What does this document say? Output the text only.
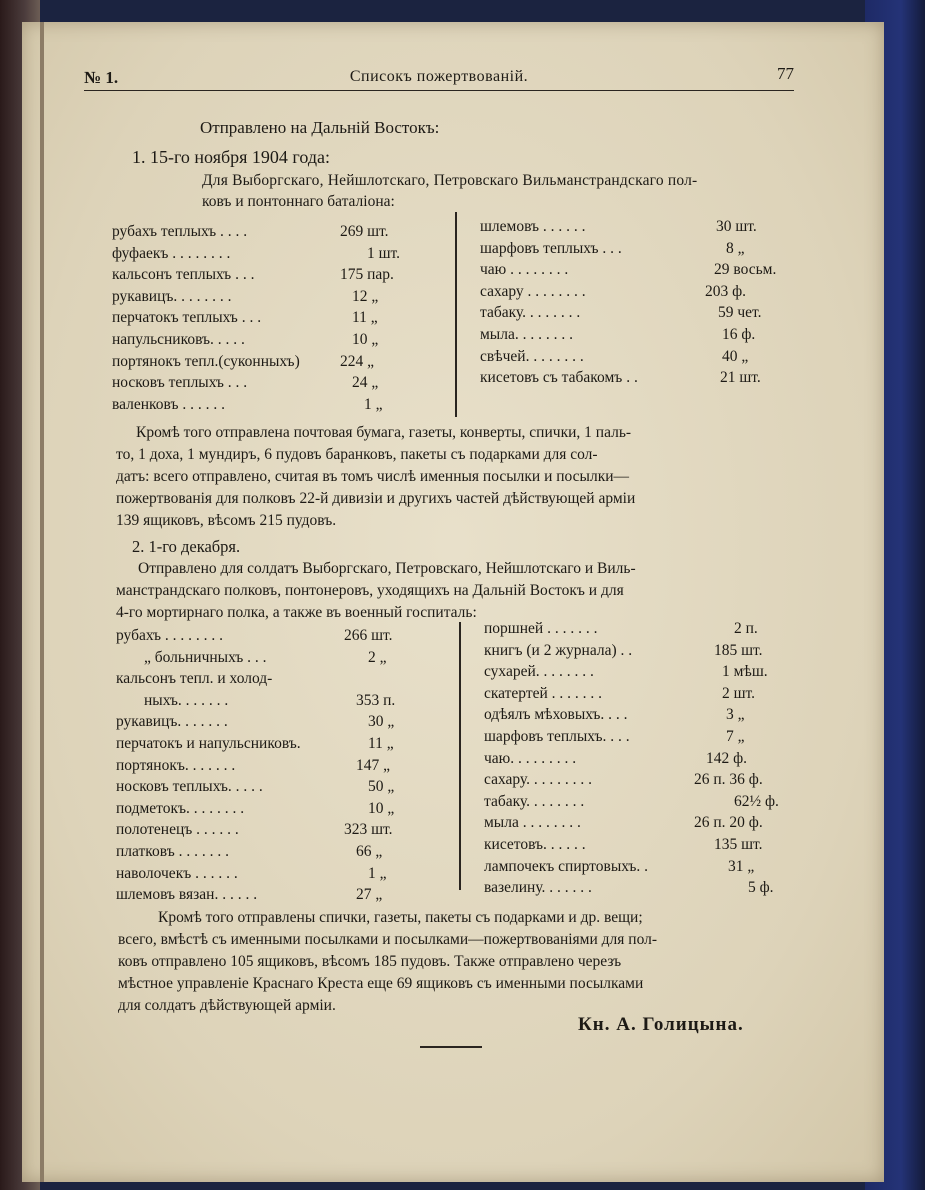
№ 1.	Списокъ пожертвованiй.	77
Отправлено на Дальнiй Востокъ:
1. 15-го ноября 1904 года:
Для Выборгскаго, Нейшлотскаго, Петровскаго Вильманстрандскаго пол-
ковъ и понтоннаго баталiона:
рубахъ теплыхъ . . . .	269 шт.
фуфаекъ . . . . . . . .	1 шт.
кальсонъ теплыхъ . . .	175 пар.
рукавицъ. . . . . . . .	12 „
перчатокъ теплыхъ . . .	11 „
напульсниковъ. . . . .	10 „
портянокъ тепл.(суконныхъ)	224 „
носковъ теплыхъ . . .	24 „
валенковъ . . . . . .	1 „
шлемовъ . . . . . .	30 шт.
шарфовъ теплыхъ . . .	8 „
чаю . . . . . . . .	29 восьм.
сахару . . . . . . . .	203 ф.
табаку. . . . . . . .	59 чет.
мыла. . . . . . . .	16 ф.
свѣчей. . . . . . . .	40 „
кисетовъ съ табакомъ . .	21 шт.
Кромѣ того отправлена почтовая бумага, газеты, конверты, спички, 1 паль-
то, 1 доха, 1 мундиръ, 6 пудовъ баранковъ, пакеты съ подарками для сол-
датъ: всего отправлено, считая въ томъ числѣ именныя посылки и посылки—
пожертвованiя для полковъ 22-й дивизiи и другихъ частей дѣйствующей армiи
139 ящиковъ, вѣсомъ 215 пудовъ.
2. 1-го декабря.
Отправлено для солдатъ Выборгскаго, Петровскаго, Нейшлотскаго и Виль-
манстрандскаго полковъ, понтонеровъ, уходящихъ на Дальнiй Востокъ и для
4-го мортирнаго полка, а также въ военный госпиталь:
рубахъ . . . . . . . .	266 шт.
„ больничныхъ . . .	2 „
кальсонъ тепл. и холод-
ныхъ. . . . . . .	353 п.
рукавицъ. . . . . . .	30 „
перчатокъ и напульсниковъ.	11 „
портянокъ. . . . . . .	147 „
носковъ теплыхъ. . . . .	50 „
подметокъ. . . . . . . .	10 „
полотенецъ . . . . . .	323 шт.
платковъ . . . . . . .	66 „
наволочекъ . . . . . .	1 „
шлемовъ вязан. . . . . .	27 „
поршней . . . . . . .	2 п.
книгъ (и 2 журнала) . .	185 шт.
сухарей. . . . . . . .	1 мѣш.
скатертей . . . . . . .	2 шт.
одѣялъ мѣховыхъ. . . .	3 „
шарфовъ теплыхъ. . . .	7 „
чаю. . . . . . . . .	142 ф.
сахару. . . . . . . . .	26 п. 36 ф.
табаку. . . . . . . .	62½ ф.
мыла . . . . . . . .	26 п. 20 ф.
кисетовъ. . . . . .	135 шт.
лампочекъ спиртовыхъ. .	31 „
вазелину. . . . . . .	5 ф.
Кромѣ того отправлены спички, газеты, пакеты съ подарками и др. вещи;
всего, вмѣстѣ съ именными посылками и посылками—пожертвованiями для пол-
ковъ отправлено 105 ящиковъ, вѣсомъ 185 пудовъ. Также отправлено черезъ
мѣстное управленiе Краснаго Креста еще 69 ящиковъ съ именными посылками
для солдатъ дѣйствующей армiи.
Кн. А. Голицына.
